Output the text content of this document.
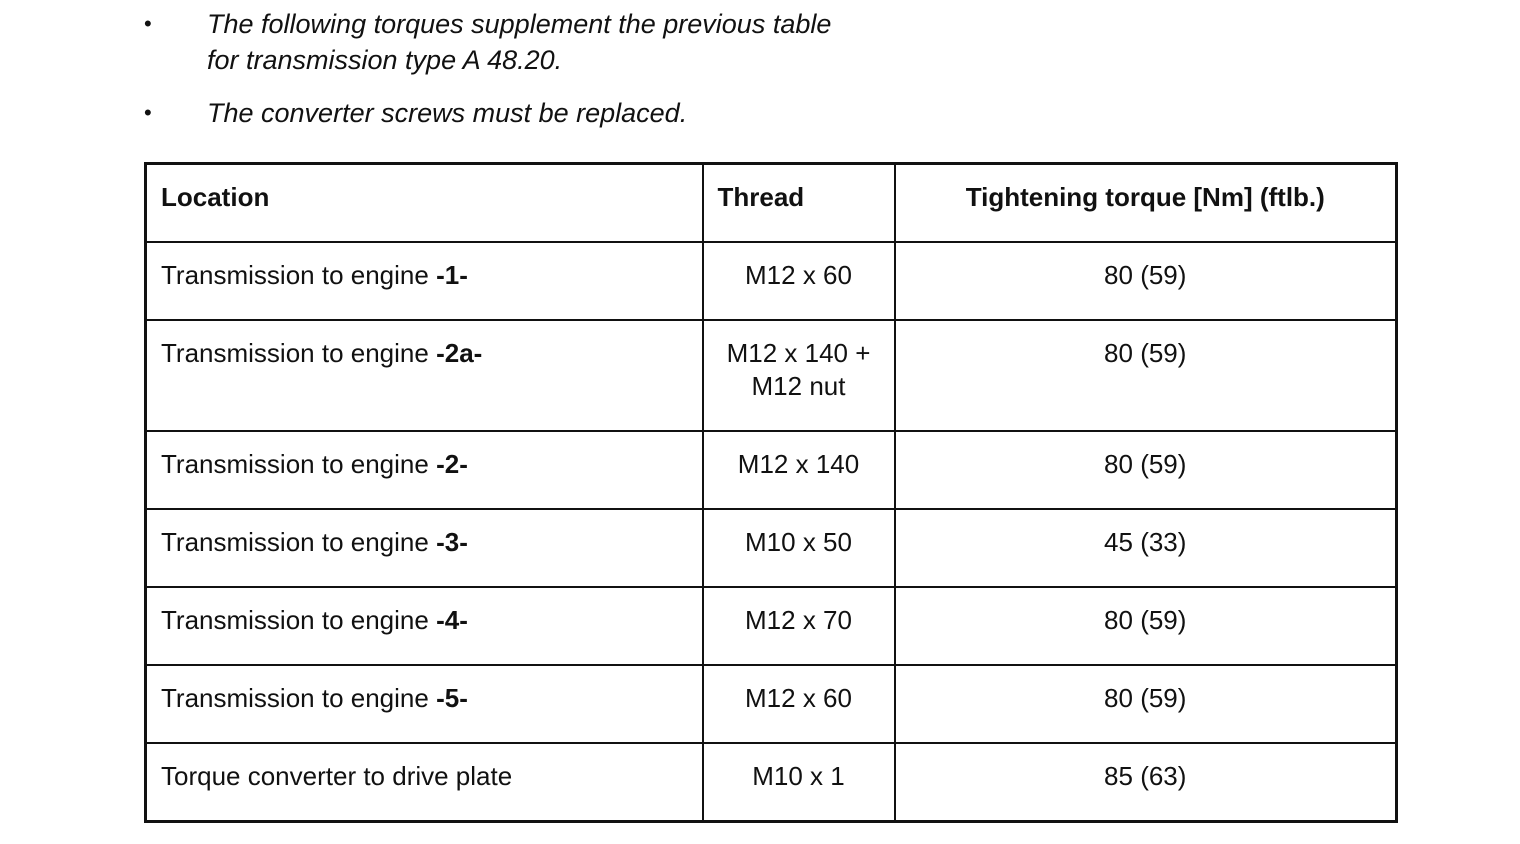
• The following torques supplement the previous table
for transmission type A 48.20.
• The converter screws must be replaced.
Location	Thread	Tightening torque [Nm] (ftlb.)
Transmission to engine -1-	M12 x 60	80 (59)
Transmission to engine -2a-	M12 x 140 +
M12 nut	80 (59)
Transmission to engine -2-	M12 x 140	80 (59)
Transmission to engine -3-	M10 x 50	45 (33)
Transmission to engine -4-	M12 x 70	80 (59)
Transmission to engine -5-	M12 x 60	80 (59)
Torque converter to drive plate	M10 x 1	85 (63)
